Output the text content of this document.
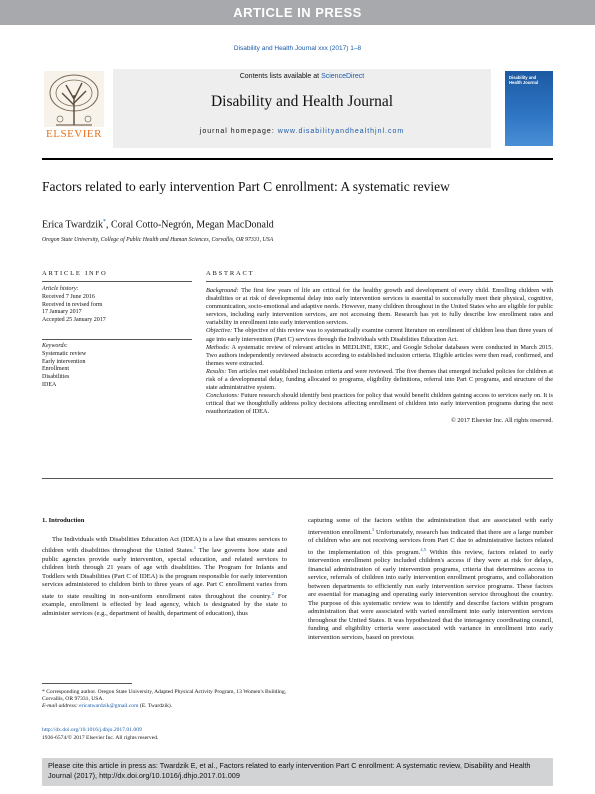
ARTICLE IN PRESS
Disability and Health Journal xxx (2017) 1–8
ELSEVIER
Contents lists available at ScienceDirect
Disability and Health Journal
journal homepage: www.disabilityandhealthjnl.com
Disability and Health Journal
Factors related to early intervention Part C enrollment: A systematic review
Erica Twardzik*, Coral Cotto-Negrón, Megan MacDonald
Oregon State University, College of Public Health and Human Sciences, Corvallis, OR 97331, USA
ARTICLE INFO
Article history:
Received 7 June 2016
Received in revised form
17 January 2017
Accepted 25 January 2017
Keywords:
Systematic review
Early intervention
Enrollment
Disabilities
IDEA
ABSTRACT

Background: The first few years of life are critical for the healthy growth and development of every child. Enrolling children with disabilities or at risk of developmental delay into early intervention services is essential to successfully meet their physical, cognitive, communication, socio-emotional and adaptive needs. However, many children throughout in the United States who are eligible for public services, including early intervention services, are not accessing them. Research has yet to fully describe low enrollment rates and variability in enrollment into early intervention services.

Objective: The objective of this review was to systematically examine current literature on enrollment of children less than three years of age into early intervention (Part C) services through the Individuals with Disabilities Education Act.

Methods: A systematic review of relevant articles in MEDLINE, ERIC, and Google Scholar databases were conducted in March 2015. Two authors independently reviewed abstracts according to established inclusion criteria. Eligible articles were then read, confirmed, and themes were extracted.

Results: Ten articles met established inclusion criteria and were reviewed. The five themes that emerged included policies for children at risk of a developmental delay, funding allocated to programs, eligibility definitions, referral into Part C programs, and structure of the state administrative system.

Conclusions: Future research should identify best practices for policy that would benefit children gaining access to services early on. It is critical that we thoughtfully address policy decisions affecting enrollment of children into early intervention programs during the next reauthorization of IDEA.

© 2017 Elsevier Inc. All rights reserved.

1. Introduction

The Individuals with Disabilities Education Act (IDEA) is a law that ensures services to children with disabilities throughout the United States.$^1$ The law governs how state and public agencies provide early intervention, special education, and related services to children birth through 21 years of age with disabilities. The Program for Infants and Toddlers with Disabilities (Part C of IDEA) is the program responsible for early intervention services administered to children birth to three years of age. Part C enrollment varies from state to state resulting in non-uniform enrollment rates throughout the country.$^2$ For example, enrollment is effected by lead agency, which is designated by the state to administer services (e.g., department of health, department of education), thus

capturing some of the factors within the administration that are associated with early intervention enrollment.$^3$ Unfortunately, research has indicated that there are a large number of children who are not receiving services from Part C due to administrative factors related to the implementation of this program.$^{4,5}$ Within this review, factors related to early intervention enrollment policy included children's access if they were at risk for delays, financial administration of early intervention programs, criteria that determines access to service, referrals of children into early intervention enrollment programs, and collaboration between departments to efficiently run early intervention service programs. These factors are essential for managing and operating early intervention service throughout the country. The purpose of this systematic review was to identify and describe factors within program administration that were associated with varied enrollment into early intervention services throughout the United States. It was hypothesized that the interagency coordinating council, funding and eligibility criteria were associated with variance in enrollment into early intervention services, based on previous

* Corresponding author. Oregon State University, Adapted Physical Activity Program, 13 Women's Building, Corvallis, OR 97331, USA.
E-mail address: ericatwardzik@gmail.com (E. Twardzik).
http://dx.doi.org/10.1016/j.dhjo.2017.01.009
1936-6574/© 2017 Elsevier Inc. All rights reserved.
Please cite this article in press as: Twardzik E, et al., Factors related to early intervention Part C enrollment: A systematic review, Disability and Health Journal (2017), http://dx.doi.org/10.1016/j.dhjo.2017.01.009
